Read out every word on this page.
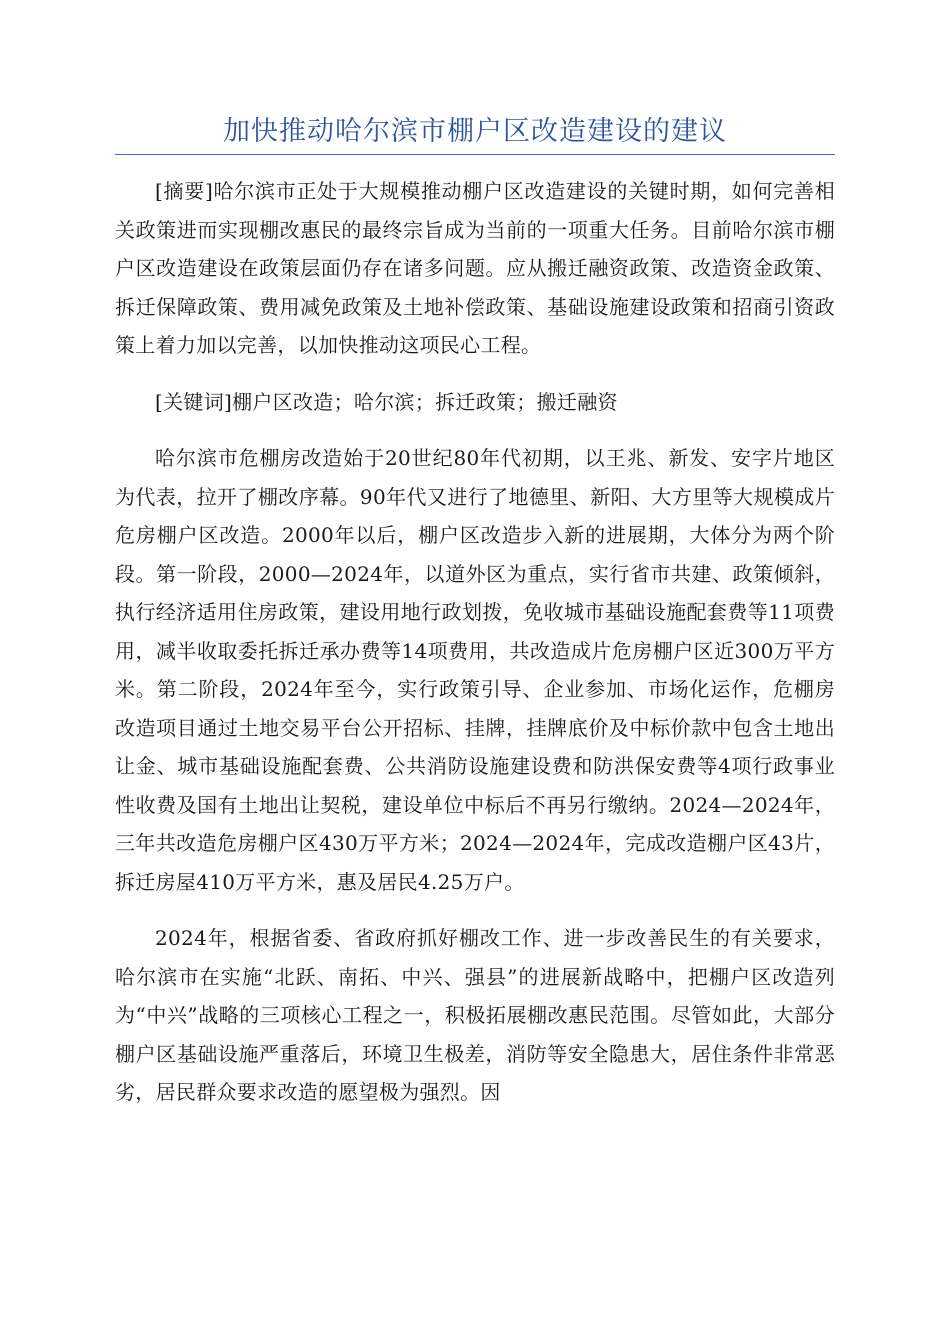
加快推动哈尔滨市棚户区改造建设的建议

[摘要]哈尔滨市正处于大规模推动棚户区改造建设的关键时期，如何完善相关政策进而实现棚改惠民的最终宗旨成为当前的一项重大任务。目前哈尔滨市棚户区改造建设在政策层面仍存在诸多问题。应从搬迁融资政策、改造资金政策、拆迁保障政策、费用减免政策及土地补偿政策、基础设施建设政策和招商引资政策上着力加以完善，以加快推动这项民心工程。

[关键词]棚户区改造；哈尔滨；拆迁政策；搬迁融资

哈尔滨市危棚房改造始于20世纪80年代初期，以王兆、新发、安字片地区为代表，拉开了棚改序幕。90年代又进行了地德里、新阳、大方里等大规模成片危房棚户区改造。2000年以后，棚户区改造步入新的进展期，大体分为两个阶段。第一阶段，2000—2024年，以道外区为重点，实行省市共建、政策倾斜，执行经济适用住房政策，建设用地行政划拨，免收城市基础设施配套费等11项费用，减半收取委托拆迁承办费等14项费用，共改造成片危房棚户区近300万平方米。第二阶段，2024年至今，实行政策引导、企业参加、市场化运作，危棚房改造项目通过土地交易平台公开招标、挂牌，挂牌底价及中标价款中包含土地出让金、城市基础设施配套费、公共消防设施建设费和防洪保安费等4项行政事业性收费及国有土地出让契税，建设单位中标后不再另行缴纳。2024—2024年，三年共改造危房棚户区430万平方米；2024—2024年，完成改造棚户区43片，拆迁房屋410万平方米，惠及居民4.25万户。

2024年，根据省委、省政府抓好棚改工作、进一步改善民生的有关要求，哈尔滨市在实施“北跃、南拓、中兴、强县”的进展新战略中，把棚户区改造列为“中兴”战略的三项核心工程之一，积极拓展棚改惠民范围。尽管如此，大部分棚户区基础设施严重落后，环境卫生极差，消防等安全隐患大，居住条件非常恶劣，居民群众要求改造的愿望极为强烈。因
